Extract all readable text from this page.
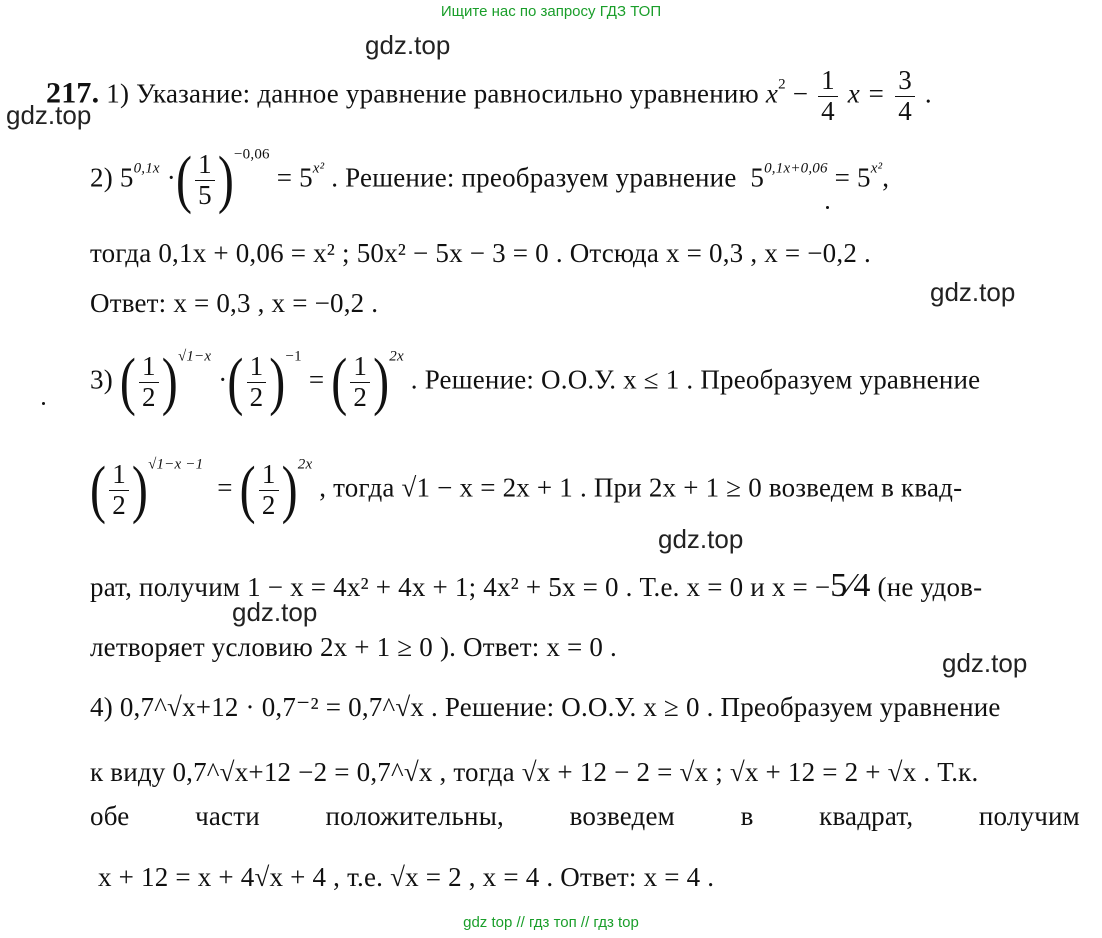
Ищите нас по запросу ГДЗ ТОП
gdz.top
gdz.top
gdz.top
gdz.top
gdz.top
gdz.top
217. 1) Указание: данное уравнение равносильно уравнению $x^2 - \frac{1}{4}$ $x = \frac{3}{4}$ .
2) $5^{0,1x}$ ·( $\frac{1}{5} )^{-0,06} = 5^{x^2}$ . Решение: преобразуем уравнение $5^{0,1x+0,06} = 5^{x^2}$,
тогда 0,1x + 0,06 = x² ; 50x² − 5x − 3 = 0 . Отсюда x = 0,3 , x = −0,2 .
Ответ: x = 0,3 , x = −0,2 .
3) ( $\frac{1}{2} )^{√1-x}$ ·( $\frac{1}{2} )^{-1}$ = ( $\frac{1}{2} )^{2x}$ . Решение: О.О.У. x ≤ 1 . Преобразуем уравнение
( $\frac{1}{2} )^{√1-x -1}$  = ( $\frac{1}{2} )^{2x}$ , тогда √1 − x = 2x + 1 . При 2x + 1 ≥ 0 возведем в квад-
рат, получим 1 − x = 4x² + 4x + 1; 4x² + 5x = 0 . Т.е. x = 0 и x = −5⁄4 (не удов-
летворяет условию 2x + 1 ≥ 0 ). Ответ: x = 0 .
4) 0,7^√x+12 · 0,7⁻² = 0,7^√x . Решение: О.О.У. x ≥ 0 . Преобразуем уравнение
к виду 0,7^√x+12 −2 = 0,7^√x , тогда √x + 12 − 2 = √x ; √x + 12 = 2 + √x . Т.к.
обе части положительны, возведем в квадрат, получим
x + 12 = x + 4√x + 4 , т.е. √x = 2 , x = 4 . Ответ: x = 4 .
gdz top // гдз топ // гдз top
